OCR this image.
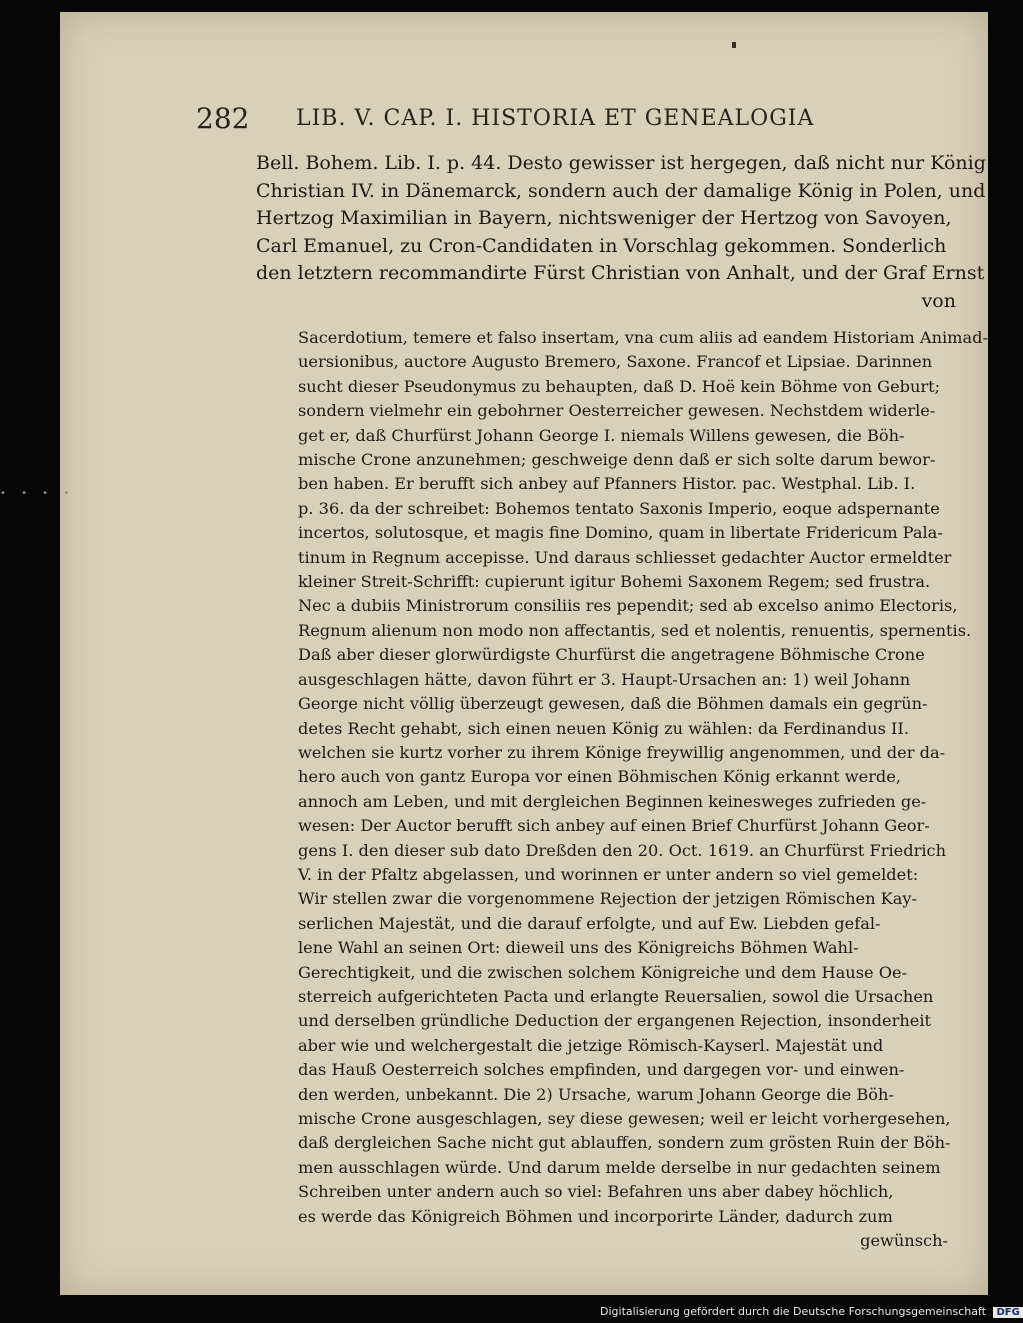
• • • •
282 LIB. V. CAP. I. HISTORIA ET GENEALOGIA
Bell. Bohem. Lib. I. p. 44. Desto gewisser ist hergegen, daß nicht nur König
Christian IV. in Dänemarck, sondern auch der damalige König in Polen, und
Hertzog Maximilian in Bayern, nichtsweniger der Hertzog von Savoyen,
Carl Emanuel, zu Cron-Candidaten in Vorschlag gekommen. Sonderlich
den letztern recommandirte Fürst Christian von Anhalt, und der Graf Ernst
von
Sacerdotium, temere et falso insertam, vna cum aliis ad eandem Historiam Animad-
uersionibus, auctore Augusto Bremero, Saxone. Francof et Lipsiae. Darinnen
sucht dieser Pseudonymus zu behaupten, daß D. Hoë kein Böhme von Geburt;
sondern vielmehr ein gebohrner Oesterreicher gewesen. Nechstdem widerle-
get er, daß Churfürst Johann George I. niemals Willens gewesen, die Böh-
mische Crone anzunehmen; geschweige denn daß er sich solte darum bewor-
ben haben. Er berufft sich anbey auf Pfanners Histor. pac. Westphal. Lib. I.
p. 36. da der schreibet: Bohemos tentato Saxonis Imperio, eoque adspernante
incertos, solutosque, et magis fine Domino, quam in libertate Fridericum Pala-
tinum in Regnum accepisse. Und daraus schliesset gedachter Auctor ermeldter
kleiner Streit-Schrifft: cupierunt igitur Bohemi Saxonem Regem; sed frustra.
Nec a dubiis Ministrorum consiliis res pependit; sed ab excelso animo Electoris,
Regnum alienum non modo non affectantis, sed et nolentis, renuentis, spernentis.
Daß aber dieser glorwürdigste Churfürst die angetragene Böhmische Crone
ausgeschlagen hätte, davon führt er 3. Haupt-Ursachen an: 1) weil Johann
George nicht völlig überzeugt gewesen, daß die Böhmen damals ein gegrün-
detes Recht gehabt, sich einen neuen König zu wählen: da Ferdinandus II.
welchen sie kurtz vorher zu ihrem Könige freywillig angenommen, und der da-
hero auch von gantz Europa vor einen Böhmischen König erkannt werde,
annoch am Leben, und mit dergleichen Beginnen keinesweges zufrieden ge-
wesen: Der Auctor berufft sich anbey auf einen Brief Churfürst Johann Geor-
gens I. den dieser sub dato Dreßden den 20. Oct. 1619. an Churfürst Friedrich
V. in der Pfaltz abgelassen, und worinnen er unter andern so viel gemeldet:
Wir stellen zwar die vorgenommene Rejection der jetzigen Römischen Kay-
serlichen Majestät, und die darauf erfolgte, und auf Ew. Liebden gefal-
lene Wahl an seinen Ort: dieweil uns des Königreichs Böhmen Wahl-
Gerechtigkeit, und die zwischen solchem Königreiche und dem Hause Oe-
sterreich aufgerichteten Pacta und erlangte Reuersalien, sowol die Ursachen
und derselben gründliche Deduction der ergangenen Rejection, insonderheit
aber wie und welchergestalt die jetzige Römisch-Kayserl. Majestät und
das Hauß Oesterreich solches empfinden, und dargegen vor- und einwen-
den werden, unbekannt. Die 2) Ursache, warum Johann George die Böh-
mische Crone ausgeschlagen, sey diese gewesen; weil er leicht vorhergesehen,
daß dergleichen Sache nicht gut ablauffen, sondern zum grösten Ruin der Böh-
men ausschlagen würde. Und darum melde derselbe in nur gedachten seinem
Schreiben unter andern auch so viel: Befahren uns aber dabey höchlich,
es werde das Königreich Böhmen und incorporirte Länder, dadurch zum
gewünsch-
Digitalisierung gefördert durch die Deutsche Forschungsgemeinschaft DFG
